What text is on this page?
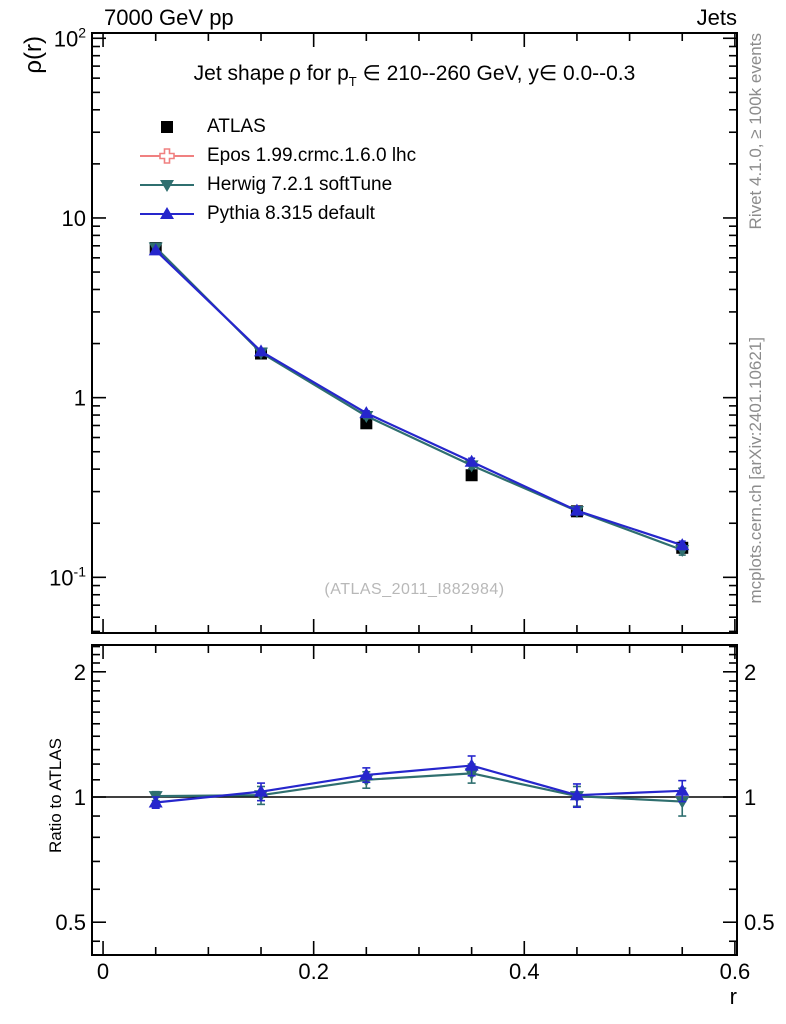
$10^2$
10
1
$10^{-1}$
0.5	0.5
1	1
2	2
0	0.2	0.4	0.6
7000 GeV pp	Jets
Jet shape ρ for $p_T$ ∈ 210--260 GeV, y∈ 0.0--0.3
ATLAS
Epos 1.99.crmc.1.6.0 lhc
Herwig 7.2.1 softTune
Pythia 8.315 default
(ATLAS_2011_I882984)
ρ(r)
Ratio to ATLAS
Rivet 4.1.0, ≥ 100k events
mcplots.cern.ch [arXiv:2401.10621]
r
